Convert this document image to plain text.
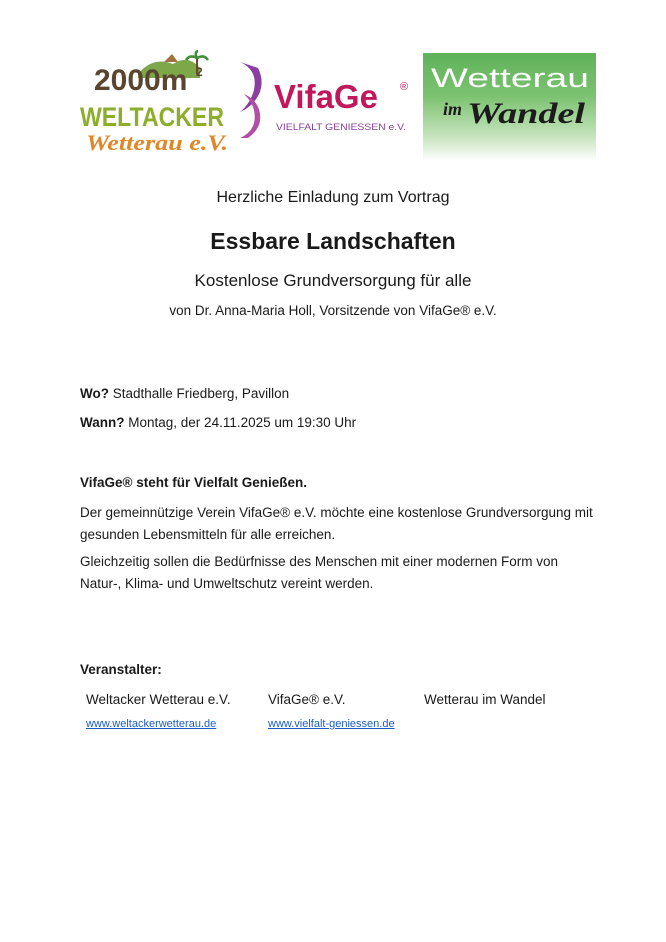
2000m 2
WELTACKER
Wetterau e.V.
VifaGe ®
VIELFALT GENIESSEN e.V.
Wetterau
im Wandel
Herzliche Einladung zum Vortrag
Essbare Landschaften
Kostenlose Grundversorgung für alle
von Dr. Anna-Maria Holl, Vorsitzende von VifaGe® e.V.
Wo? Stadthalle Friedberg, Pavillon
Wann? Montag, der 24.11.2025 um 19:30 Uhr
VifaGe® steht für Vielfalt Genießen.
Der gemeinnützige Verein VifaGe® e.V. möchte eine kostenlose Grundversorgung mit gesunden Lebensmitteln für alle erreichen.
Gleichzeitig sollen die Bedürfnisse des Menschen mit einer modernen Form von Natur-, Klima- und Umweltschutz vereint werden.
Veranstalter:
Weltacker Wetterau e.V.	VifaGe® e.V.	Wetterau im Wandel
www.weltackerwetterau.de	www.vielfalt-geniessen.de
